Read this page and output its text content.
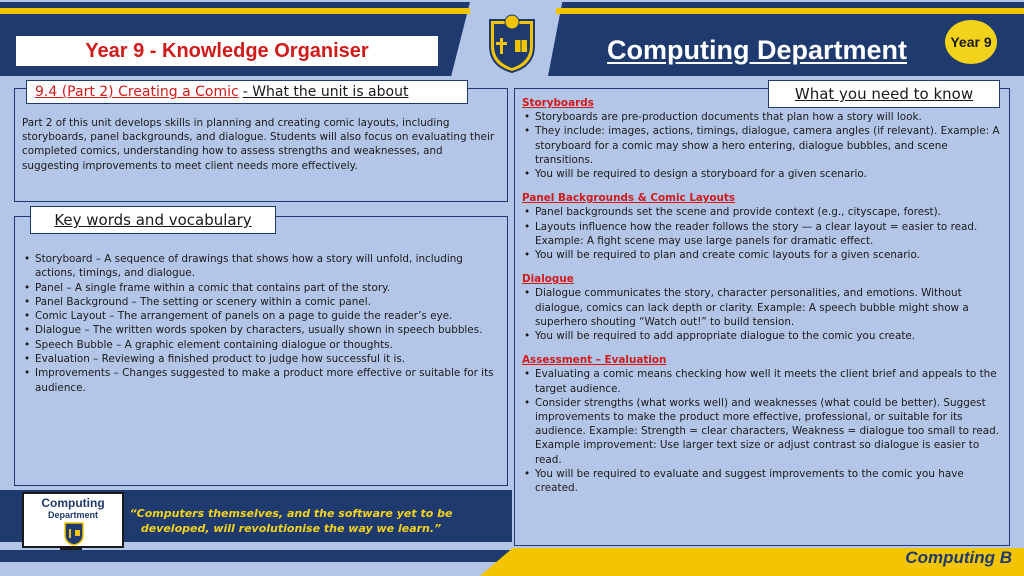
Year 9 - Knowledge Organiser	Computing Department	Year 9
9.4 (Part 2) Creating a Comic - What the unit is about

Part 2 of this unit develops skills in planning and creating comic layouts, including storyboards, panel backgrounds, and dialogue. Students will also focus on evaluating their completed comics, understanding how to assess strengths and weaknesses, and suggesting improvements to meet client needs more effectively.

Key words and vocabulary
• Storyboard – A sequence of drawings that shows how a story will unfold, including actions, timings, and dialogue.
• Panel – A single frame within a comic that contains part of the story.
• Panel Background – The setting or scenery within a comic panel.
• Comic Layout – The arrangement of panels on a page to guide the reader’s eye.
• Dialogue – The written words spoken by characters, usually shown in speech bubbles.
• Speech Bubble – A graphic element containing dialogue or thoughts.
• Evaluation – Reviewing a finished product to judge how successful it is.
• Improvements – Changes suggested to make a product more effective or suitable for its audience.
What you need to know
Storyboards
• Storyboards are pre-production documents that plan how a story will look.
• They include: images, actions, timings, dialogue, camera angles (if relevant). Example: A storyboard for a comic may show a hero entering, dialogue bubbles, and scene transitions.
• You will be required to design a storyboard for a given scenario.
Panel Backgrounds & Comic Layouts
• Panel backgrounds set the scene and provide context (e.g., cityscape, forest).
• Layouts influence how the reader follows the story — a clear layout = easier to read. Example: A fight scene may use large panels for dramatic effect.
• You will be required to plan and create comic layouts for a given scenario.
Dialogue
• Dialogue communicates the story, character personalities, and emotions. Without dialogue, comics can lack depth or clarity. Example: A speech bubble might show a superhero shouting “Watch out!” to build tension.
• You will be required to add appropriate dialogue to the comic you create.
Assessment – Evaluation
• Evaluating a comic means checking how well it meets the client brief and appeals to the target audience.
• Consider strengths (what works well) and weaknesses (what could be better). Suggest improvements to make the product more effective, professional, or suitable for its audience. Example: Strength = clear characters, Weakness = dialogue too small to read. Example improvement: Use larger text size or adjust contrast so dialogue is easier to read.
• You will be required to evaluate and suggest improvements to the comic you have created.
Computing
Department	“Computers themselves, and the software yet to be developed, will revolutionise the way we learn.”
Computing B
